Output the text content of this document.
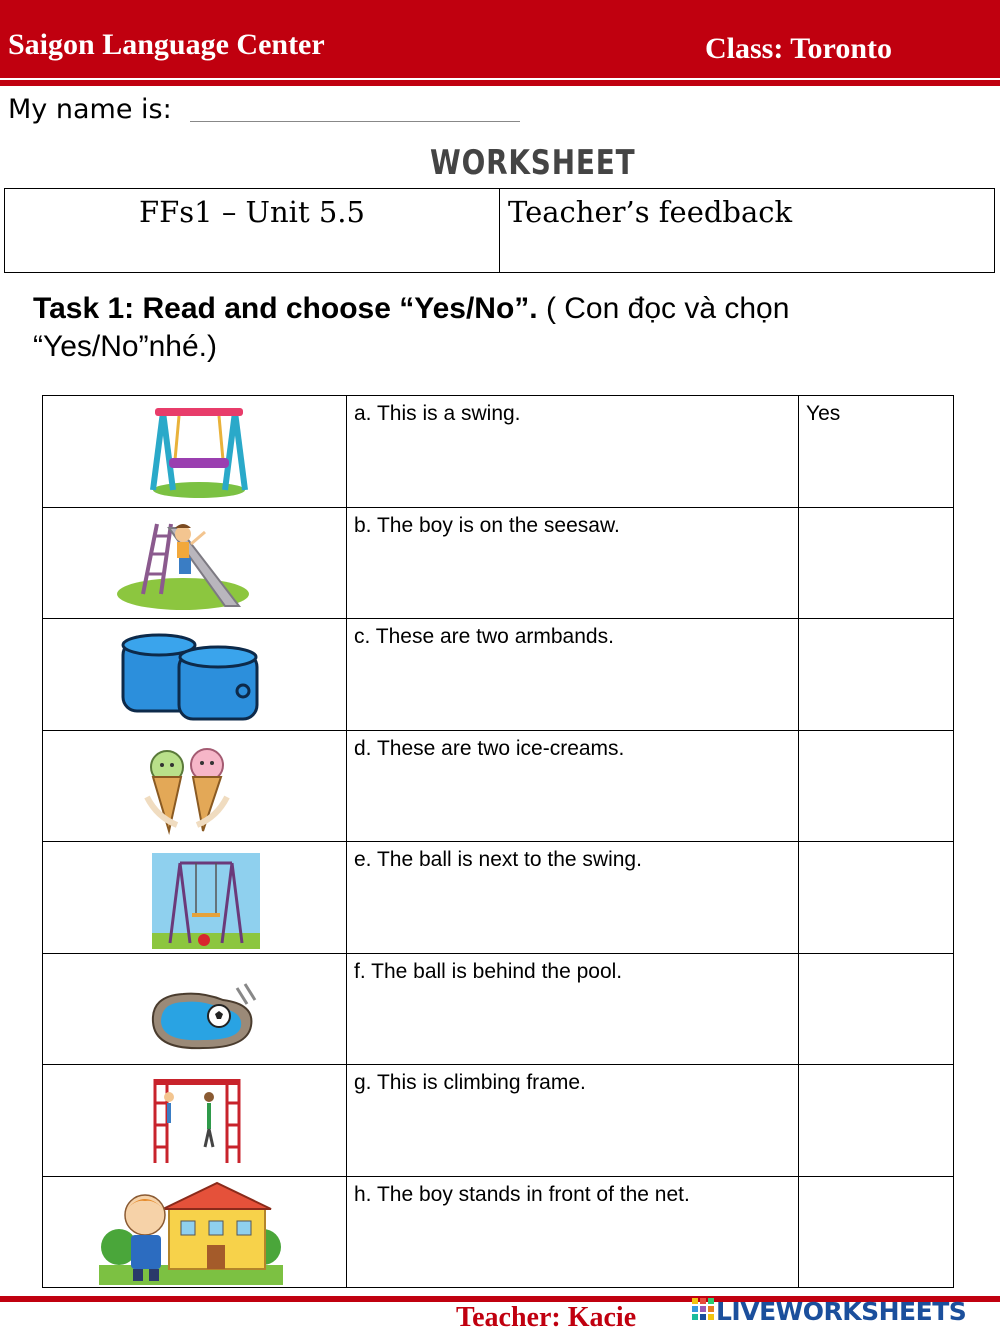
Saigon Language Center	Class: Toronto
My name is:
WORKSHEET
FFs1 – Unit 5.5	Teacher’s feedback
Task 1: Read and choose “Yes/No”. ( Con đọc và chọn “Yes/No”nhé.)
	a. This is a swing.	Yes

	b. The boy is on the seesaw.	

	c. These are two armbands.	

	d. These are two ice-creams.	

	e. The ball is next to the swing.	

	f. The ball is behind the pool.	

	g. This is climbing frame.	

	h. The boy stands in front of the net.	
Teacher: Kacie	LIVEWORKSHEETS
